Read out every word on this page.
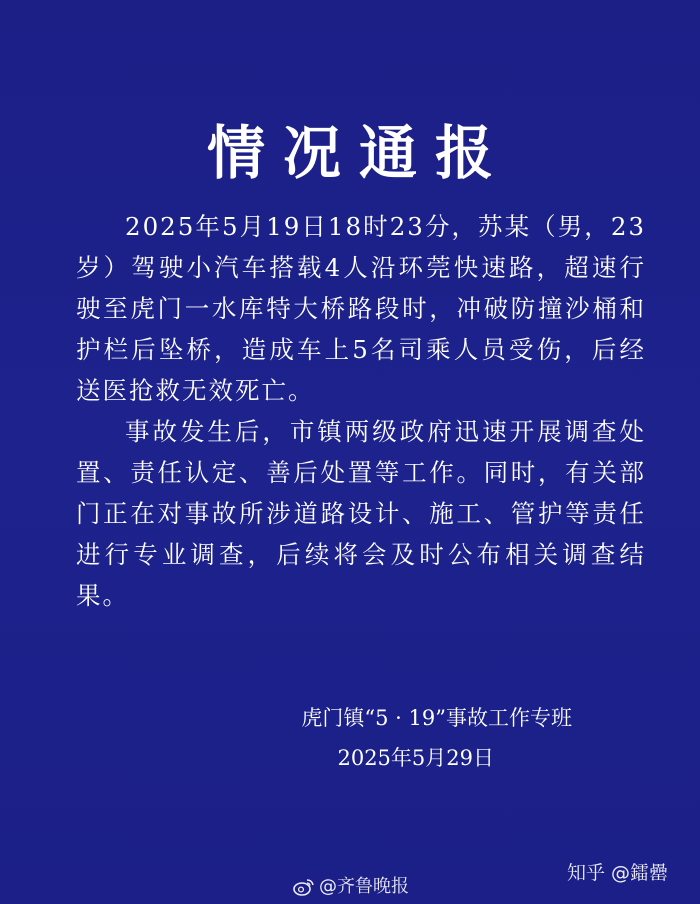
情况通报

2025年5月19日18时23分，苏某（男，23岁）驾驶小汽车搭载4人沿环莞快速路，超速行驶至虎门一水库特大桥路段时，冲破防撞沙桶和护栏后坠桥，造成车上5名司乘人员受伤，后经送医抢救无效死亡。

事故发生后，市镇两级政府迅速开展调查处置、责任认定、善后处置等工作。同时，有关部门正在对事故所涉道路设计、施工、管护等责任进行专业调查，后续将会及时公布相关调查结果。

虎门镇“5 · 19”事故工作专班
2025年5月29日
@齐鲁晚报
知乎 @鐳罍
